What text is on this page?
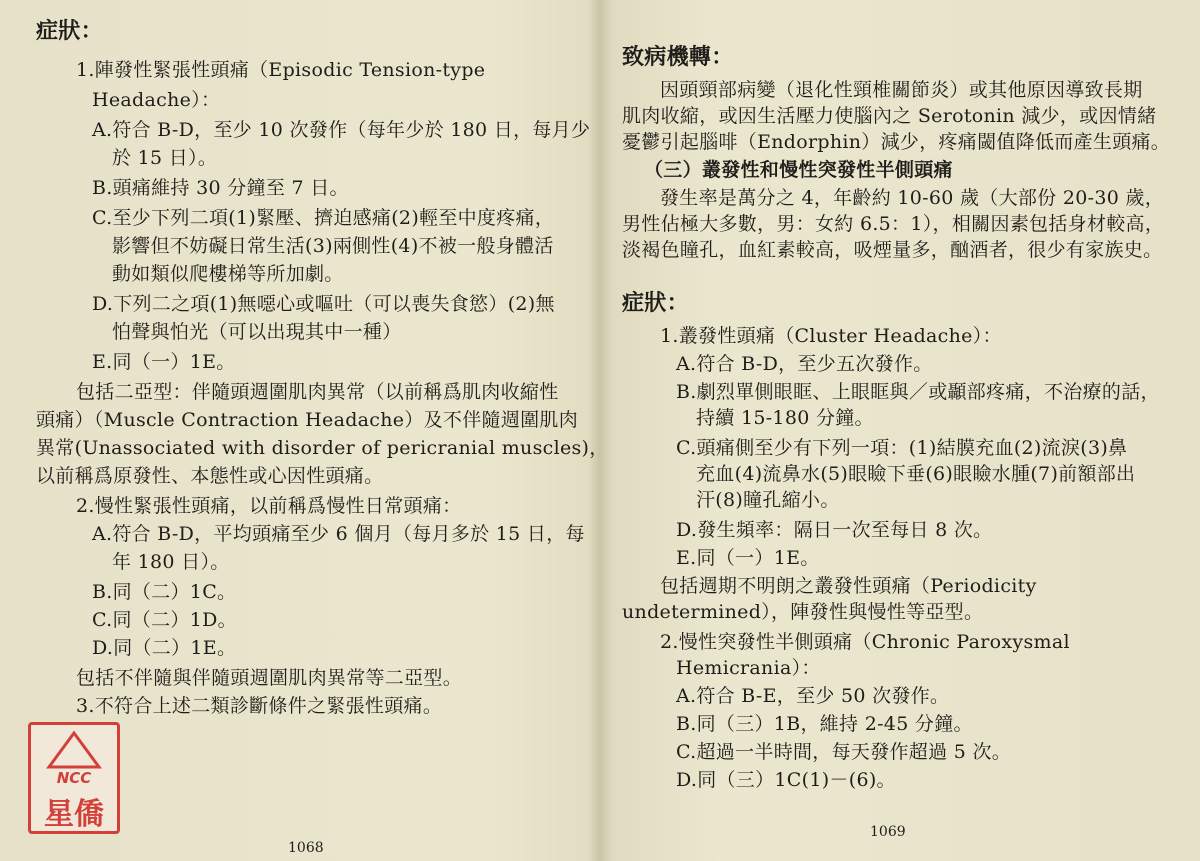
症狀：
1.陣發性緊張性頭痛（Episodic Tension-type
Headache）：
A.符合 B-D，至少 10 次發作（每年少於 180 日，每月少
於 15 日）。
B.頭痛維持 30 分鐘至 7 日。
C.至少下列二項(1)緊壓、擠迫感痛(2)輕至中度疼痛，
影響但不妨礙日常生活(3)兩側性(4)不被一般身體活
動如類似爬樓梯等所加劇。
D.下列二之項(1)無噁心或嘔吐（可以喪失食慾）(2)無
怕聲與怕光（可以出現其中一種）
E.同（一）1E。
包括二亞型：伴隨頭週圍肌肉異常（以前稱爲肌肉收縮性
頭痛）（Muscle Contraction Headache）及不伴隨週圍肌肉
異常(Unassociated with disorder of pericranial muscles)，
以前稱爲原發性、本態性或心因性頭痛。
2.慢性緊張性頭痛，以前稱爲慢性日常頭痛：
A.符合 B-D，平均頭痛至少 6 個月（每月多於 15 日，每
年 180 日）。
B.同（二）1C。
C.同（二）1D。
D.同（二）1E。
包括不伴隨與伴隨頭週圍肌肉異常等二亞型。
3.不符合上述二類診斷條件之緊張性頭痛。
1068
NCC
星僑
致病機轉：
因頭頸部病變（退化性頸椎關節炎）或其他原因導致長期
肌肉收縮，或因生活壓力使腦內之 Serotonin 減少，或因情緒
憂鬱引起腦啡（Endorphin）減少，疼痛閾值降低而產生頭痛。
（三）叢發性和慢性突發性半側頭痛
發生率是萬分之 4，年齡約 10-60 歲（大部份 20-30 歲，
男性佔極大多數，男：女約 6.5：1），相關因素包括身材較高，
淡褐色瞳孔，血紅素較高，吸煙量多，酗酒者，很少有家族史。
症狀：
1.叢發性頭痛（Cluster Headache）：
A.符合 B-D，至少五次發作。
B.劇烈單側眼眶、上眼眶與／或顳部疼痛，不治療的話，
持續 15-180 分鐘。
C.頭痛側至少有下列一項：(1)結膜充血(2)流淚(3)鼻
充血(4)流鼻水(5)眼瞼下垂(6)眼瞼水腫(7)前額部出
汗(8)瞳孔縮小。
D.發生頻率：隔日一次至每日 8 次。
E.同（一）1E。
包括週期不明朗之叢發性頭痛（Periodicity
undetermined），陣發性與慢性等亞型。
2.慢性突發性半側頭痛（Chronic Paroxysmal
Hemicrania）：
A.符合 B-E，至少 50 次發作。
B.同（三）1B，維持 2-45 分鐘。
C.超過一半時間，每天發作超過 5 次。
D.同（三）1C(1)－(6)。
1069
